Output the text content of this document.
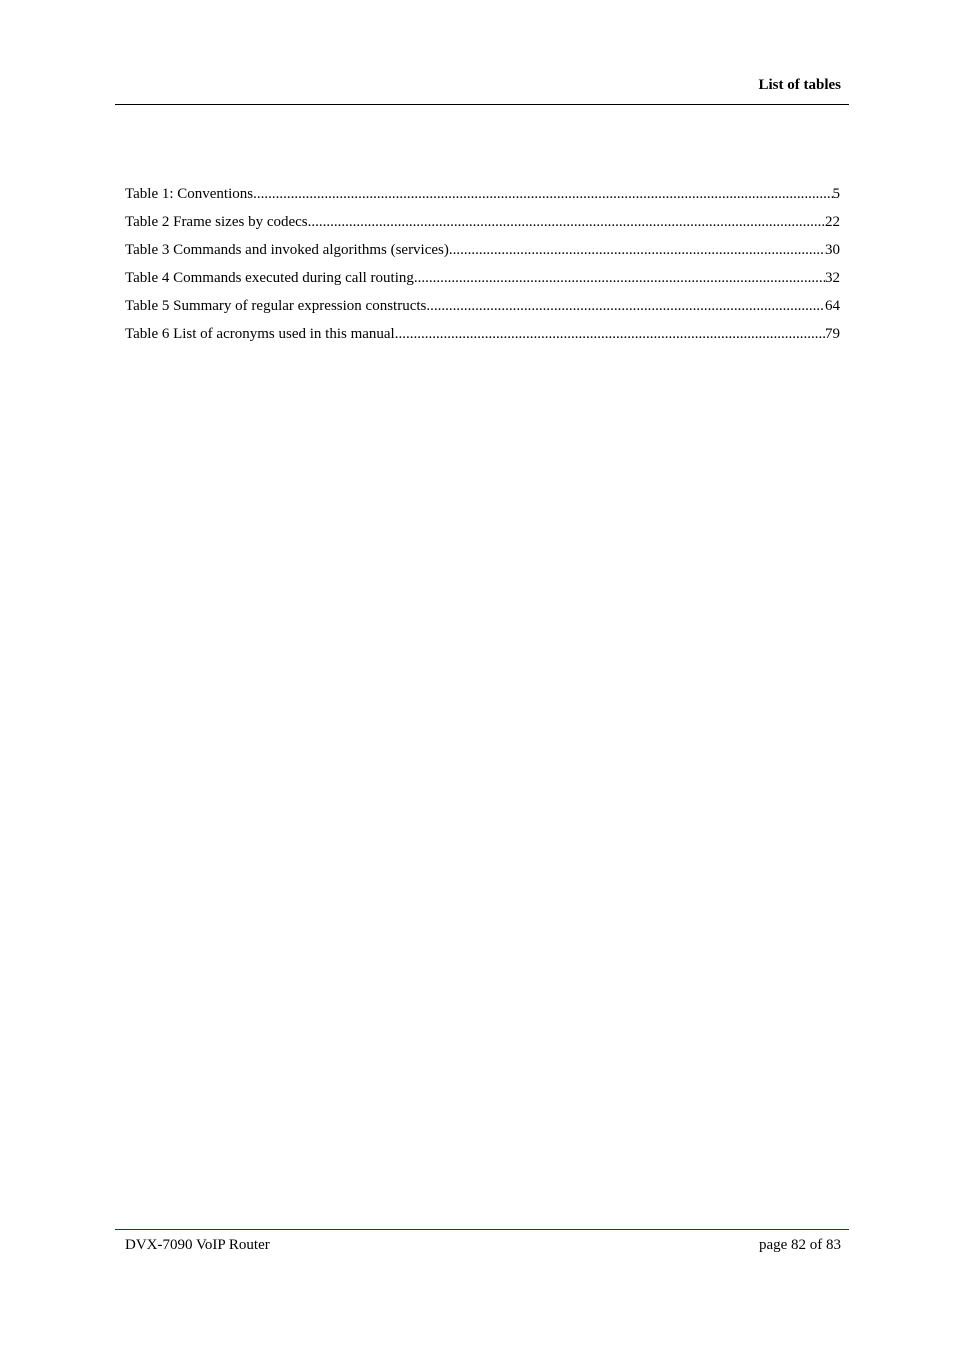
List of tables
Table 1: Conventions .....	5
Table 2 Frame sizes by codecs .....	22
Table 3 Commands and invoked algorithms (services) .....	30
Table 4 Commands executed during call routing .....	32
Table 5 Summary of regular expression constructs .....	64
Table 6 List of acronyms used in this manual .....	79
DVX-7090 VoIP Router	page 82 of 83
